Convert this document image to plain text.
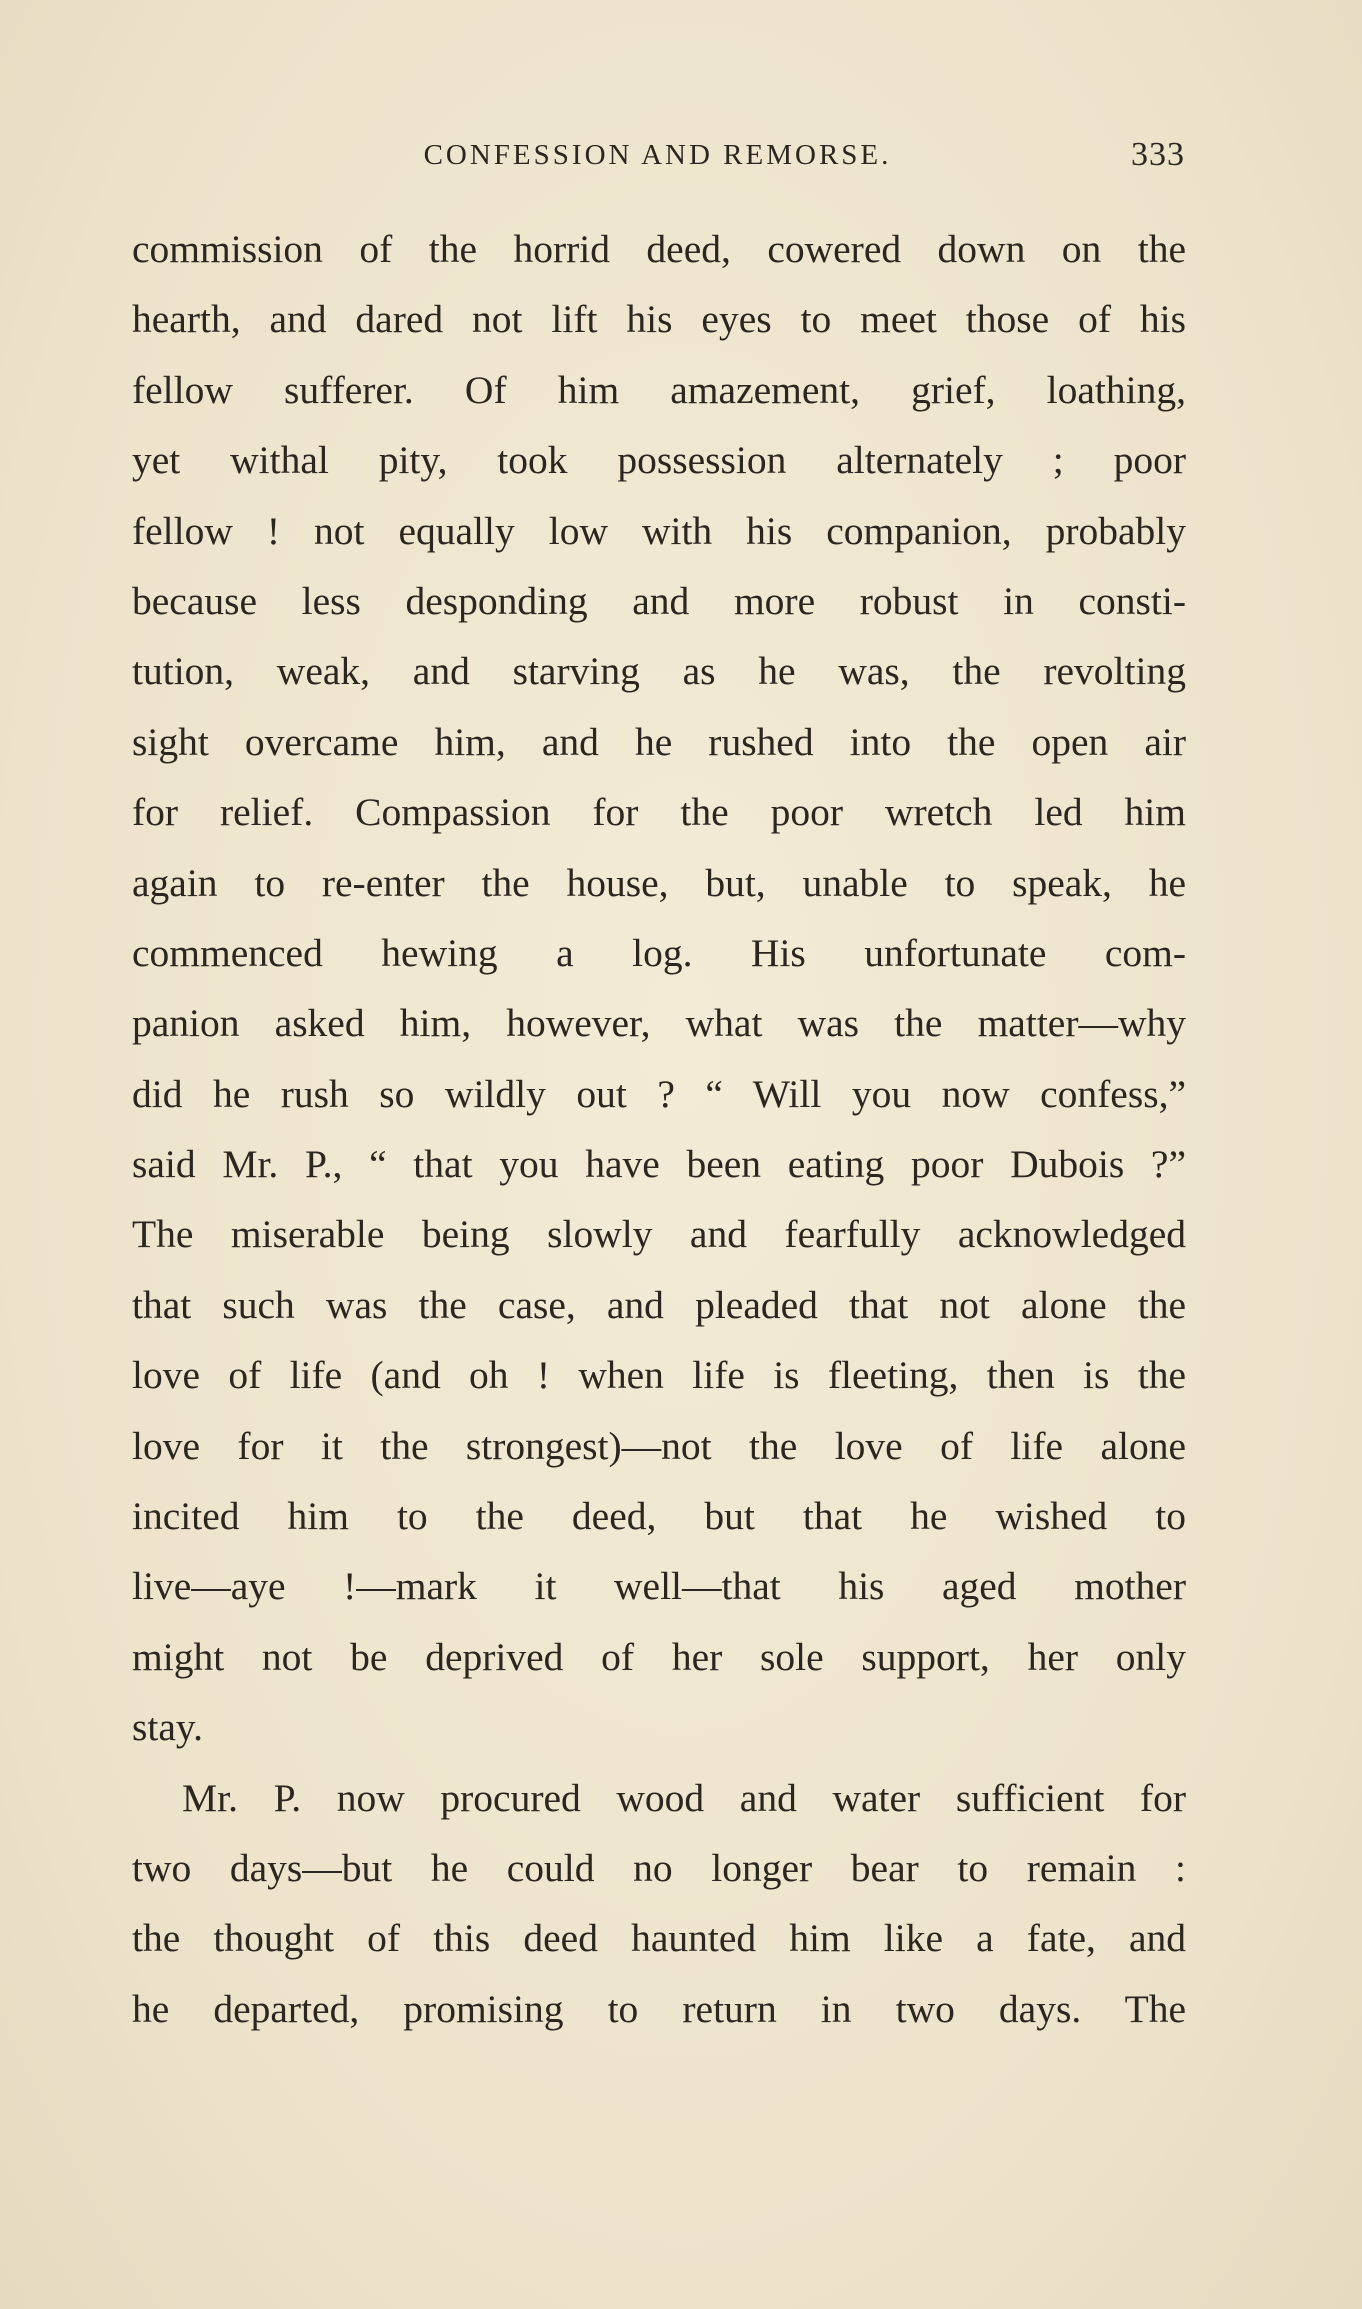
CONFESSION AND REMORSE.	333
commission of the horrid deed, cowered down on the
hearth, and dared not lift his eyes to meet those of his
fellow sufferer. Of him amazement, grief, loathing,
yet withal pity, took possession alternately ; poor
fellow ! not equally low with his companion, probably
because less desponding and more robust in consti-
tution, weak, and starving as he was, the revolting
sight overcame him, and he rushed into the open air
for relief. Compassion for the poor wretch led him
again to re-enter the house, but, unable to speak, he
commenced hewing a log. His unfortunate com-
panion asked him, however, what was the matter—why
did he rush so wildly out ? “ Will you now confess,”
said Mr. P., “ that you have been eating poor Dubois ?”
The miserable being slowly and fearfully acknowledged
that such was the case, and pleaded that not alone the
love of life (and oh ! when life is fleeting, then is the
love for it the strongest)—not the love of life alone
incited him to the deed, but that he wished to
live—aye !—mark it well—that his aged mother
might not be deprived of her sole support, her only
stay.
Mr. P. now procured wood and water sufficient for
two days—but he could no longer bear to remain :
the thought of this deed haunted him like a fate, and
he departed, promising to return in two days. The
